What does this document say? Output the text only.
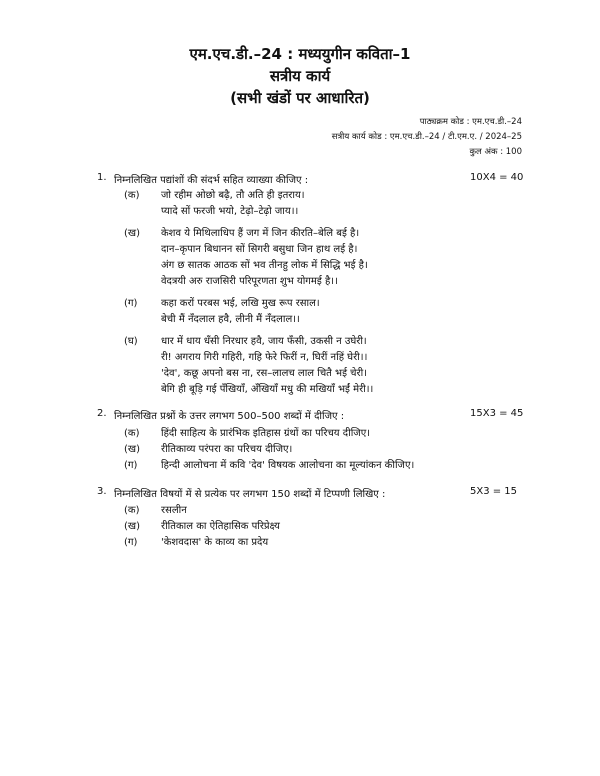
एम.एच.डी.–24 : मध्ययुगीन कविता–1
सत्रीय कार्य
(सभी खंडों पर आधारित)
पाठ्यक्रम कोड : एम.एच.डी.–24
सत्रीय कार्य कोड : एम.एच.डी.–24 / टी.एम.ए. / 2024–25
कुल अंक : 100
1. निम्नलिखित पद्यांशों की संदर्भ सहित व्याख्या कीजिए :	10X4 = 40
(क) जो रहीम ओछो बढ़ै, तौ अति ही इतराय।
प्यादे सों फरजी भयो, टेढ़ो–टेढ़ो जाय।।
(ख) केशव ये मिथिलाधिप हैं जग में जिन कीरति–बेलि बई है।
दान–कृपान बिधानन सों सिगरी बसुधा जिन हाथ लई है।
अंग छ सातक आठक सों भव तीनहु लोक में सिद्धि भई है।
वेदत्रयी अरु राजसिरी परिपूरणता शुभ योगमई है।।
(ग) कहा करों परबस भई, लखि मुख रूप रसाल।
बेची मैं नँदलाल हवै, लीनी मैं नँदलाल।।
(घ) धार में धाय धँसी निरधार हवै, जाय फँसी, उकसी न उघेरी।
री! अगराय गिरी गहिरी, गहि फेरे फिरीं न, घिरीं नहिं घेरी।।
'देव', कछू अपनो बस ना, रस–लालच लाल चितै भई चेरी।
बेगि ही बूड़ि गई पँखियाँ, अँखियाँ मधु की मखियाँ भईं मेरी।।
2. निम्नलिखित प्रश्नों के उत्तर लगभग 500–500 शब्दों में दीजिए :	15X3 = 45
(क) हिंदी साहित्य के प्रारंभिक इतिहास ग्रंथों का परिचय दीजिए।
(ख) रीतिकाव्य परंपरा का परिचय दीजिए।
(ग) हिन्दी आलोचना में कवि 'देव' विषयक आलोचना का मूल्यांकन कीजिए।
3. निम्नलिखित विषयों में से प्रत्येक पर लगभग 150 शब्दों में टिप्पणी लिखिए :	5X3 = 15
(क) रसलीन
(ख) रीतिकाल का ऐतिहासिक परिप्रेक्ष्य
(ग) 'केशवदास' के काव्य का प्रदेय
